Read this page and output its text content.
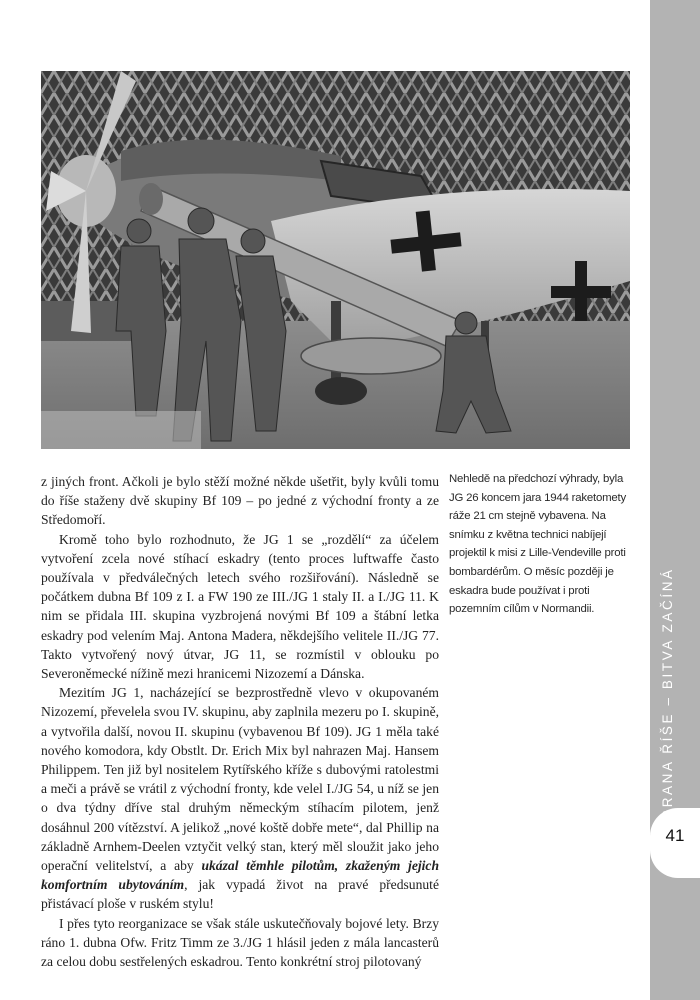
z jiných front. Ačkoli je bylo stěží možné někde ušetřit, byly kvůli tomu do říše staženy dvě skupiny Bf 109 – po jedné z východní fronty a ze Středomoří.

Kromě toho bylo rozhodnuto, že JG 1 se „rozdělí“ za účelem vytvoření zcela nové stíhací eskadry (tento proces luftwaffe často používala v předválečných letech svého rozšiřování). Následně se počátkem dubna Bf 109 z I. a FW 190 ze III./JG 1 staly II. a I./JG 11. K nim se přidala III. skupina vyzbrojená novými Bf 109 a štábní letka eskadry pod velením Maj. Antona Madera, někdejšího velitele II./JG 77. Takto vytvořený nový útvar, JG 11, se rozmístil v oblouku po Severoněmecké nížině mezi hranicemi Nizozemí a Dánska.

Mezitím JG 1, nacházející se bezprostředně vlevo v okupovaném Nizozemí, převelela svou IV. skupinu, aby zaplnila mezeru po I. skupině, a vytvořila další, novou II. skupinu (vybavenou Bf 109). JG 1 měla také nového komodora, kdy Obstlt. Dr. Erich Mix byl nahrazen Maj. Hansem Philippem. Ten již byl nositelem Rytířského kříže s dubovými ratolestmi a meči a právě se vrátil z východní fronty, kde velel I./JG 54, u níž se jen o dva týdny dříve stal druhým německým stíhacím pilotem, jenž dosáhnul 200 vítězství. A jelikož „nové koště dobře mete“, dal Phillip na základně Arnhem-Deelen vztyčit velký stan, který měl sloužit jako jeho operační velitelství, a aby ukázal těmhle pilotům, zkaženým jejich komfortním ubytováním, jak vypadá život na pravé předsunuté přistávací ploše v ruském stylu!

I přes tyto reorganizace se však stále uskutečňovaly bojové lety. Brzy ráno 1. dubna Ofw. Fritz Timm ze 3./JG 1 hlásil jeden z mála lancasterů za celou dobu sestřelených eskadrou. Tento konkrétní stroj pilotovaný

Nehledě na předchozí výhrady, byla JG 26 koncem jara 1944 raketomety ráže 21 cm stejně vybavena. Na snímku z května technici nabíjejí projektil k misi z Lille-Vendeville proti bombardérům. O měsíc později je eskadra bude používat i proti pozemním cílům v Normandii.	OBRANA ŘÍŠE – BITVA ZAČÍNÁ
41
